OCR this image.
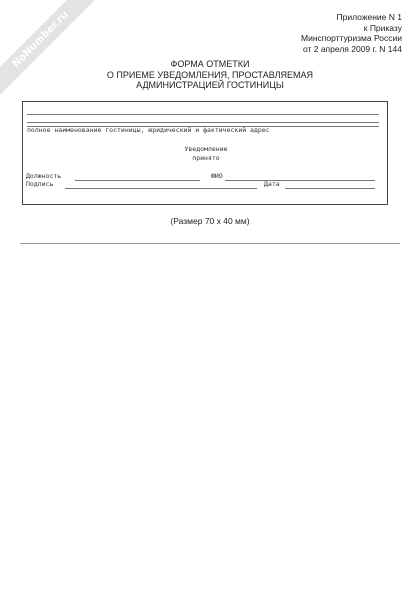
NoNumber.ru	Приложение N 1
к Приказу
Минспорттуризма России
от 2 апреля 2009 г. N 144
ФОРМА ОТМЕТКИ
О ПРИЕМЕ УВЕДОМЛЕНИЯ, ПРОСТАВЛЯЕМАЯ
АДМИНИСТРАЦИЕЙ ГОСТИНИЦЫ
полное наименование гостиницы, юридический и фактический адрес
Уведомление
принято
Должность	ФИО
Подпись	Дата
(Размер 70 x 40 мм)
